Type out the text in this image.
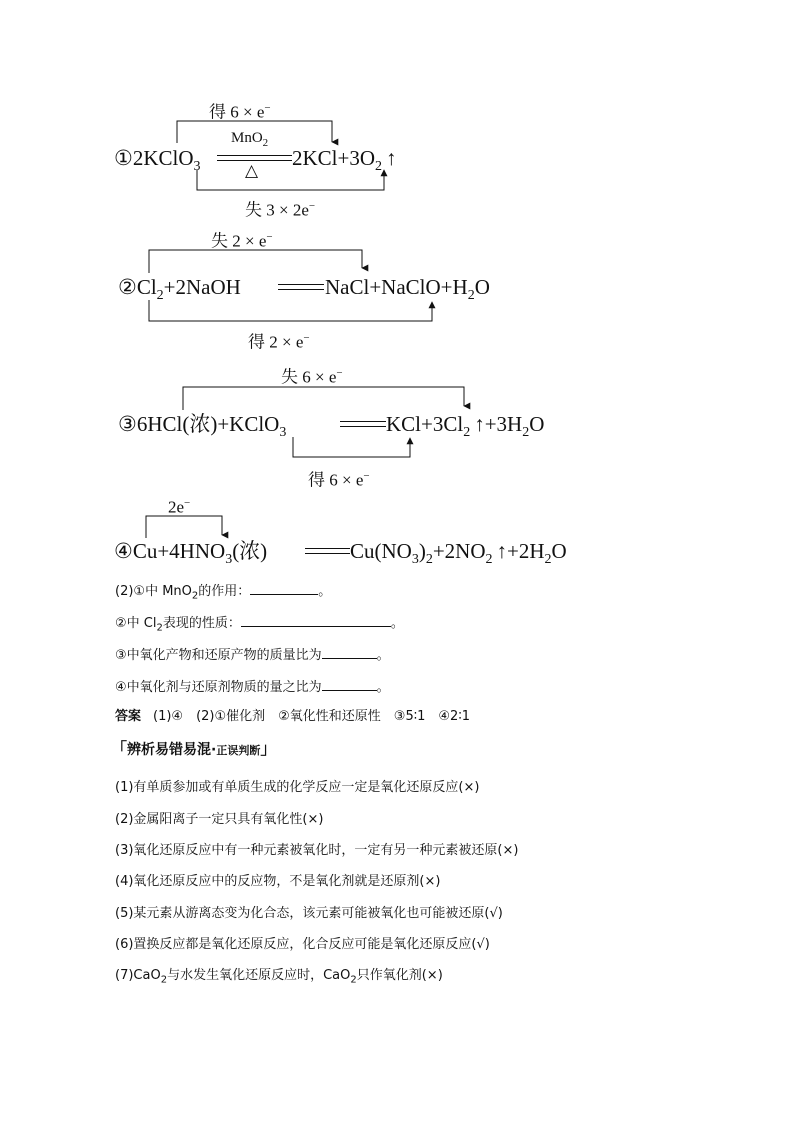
得 6 × e−
MnO$_2$
①2KClO$_3$	$2KCl+3O_2$ ↑
△
失 3 × 2e−
失 2 × e−
$②Cl_2+2NaOH$	$NaCl+NaClO+H_2O$
得 2 × e−
失 6 × e−
③6HCl(浓)+KClO$_3$	$KCl+3Cl_2$ $↑+3H_2O$
得 6 × e−
2e−
$④Cu+4HNO_3$(浓)	$Cu(NO_3)_2+2NO_2$ $↑+2H_2O$
(2)①中 MnO$_2$的作用：	。
②中 $Cl_2$表现的性质：	。
③中氧化产物和还原产物的质量比为	。
④中氧化剂与还原剂物质的量之比为	。
答案 (1)④　(2)①催化剂　②氧化性和还原性　③5∶1　④2∶1
「辨析易错易混·正误判断」
(1)有单质参加或有单质生成的化学反应一定是氧化还原反应(×)
(2)金属阳离子一定只具有氧化性(×)
(3)氧化还原反应中有一种元素被氧化时，一定有另一种元素被还原(×)
(4)氧化还原反应中的反应物，不是氧化剂就是还原剂(×)
(5)某元素从游离态变为化合态，该元素可能被氧化也可能被还原(√)
(6)置换反应都是氧化还原反应，化合反应可能是氧化还原反应(√)
(7)CaO$_2$与水发生氧化还原反应时，CaO$_2$只作氧化剂(×)
